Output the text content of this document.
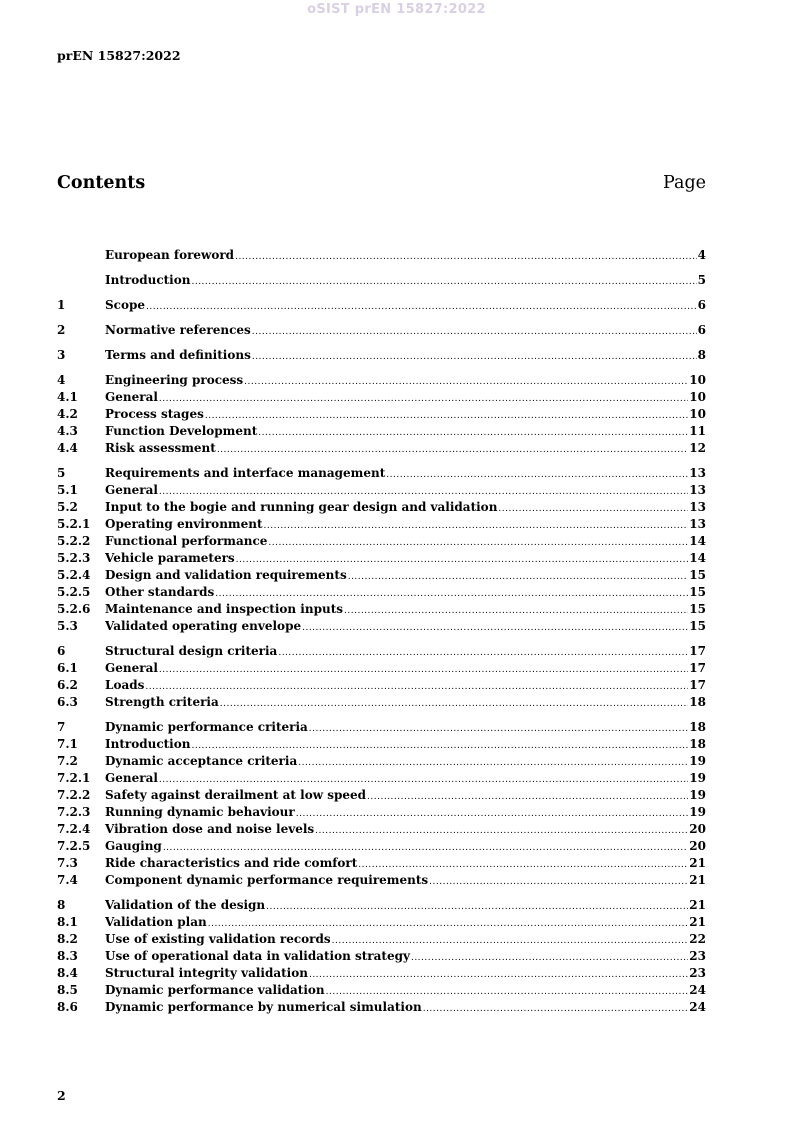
oSIST prEN 15827:2022
prEN 15827:2022
Contents	Page
European foreword .....	4
Introduction .....	5
1	Scope .....	6
2	Normative references .....	6
3	Terms and definitions .....	8
4	Engineering process .....	10
4.1	General .....	10
4.2	Process stages .....	10
4.3	Function Development .....	11
4.4	Risk assessment .....	12
5	Requirements and interface management .....	13
5.1	General .....	13
5.2	Input to the bogie and running gear design and validation .....	13
5.2.1	Operating environment .....	13
5.2.2	Functional performance .....	14
5.2.3	Vehicle parameters .....	14
5.2.4	Design and validation requirements .....	15
5.2.5	Other standards .....	15
5.2.6	Maintenance and inspection inputs .....	15
5.3	Validated operating envelope .....	15
6	Structural design criteria .....	17
6.1	General .....	17
6.2	Loads .....	17
6.3	Strength criteria .....	18
7	Dynamic performance criteria .....	18
7.1	Introduction .....	18
7.2	Dynamic acceptance criteria .....	19
7.2.1	General .....	19
7.2.2	Safety against derailment at low speed .....	19
7.2.3	Running dynamic behaviour .....	19
7.2.4	Vibration dose and noise levels .....	20
7.2.5	Gauging .....	20
7.3	Ride characteristics and ride comfort .....	21
7.4	Component dynamic performance requirements .....	21
8	Validation of the design .....	21
8.1	Validation plan .....	21
8.2	Use of existing validation records .....	22
8.3	Use of operational data in validation strategy .....	23
8.4	Structural integrity validation .....	23
8.5	Dynamic performance validation .....	24
8.6	Dynamic performance by numerical simulation .....	24
2
